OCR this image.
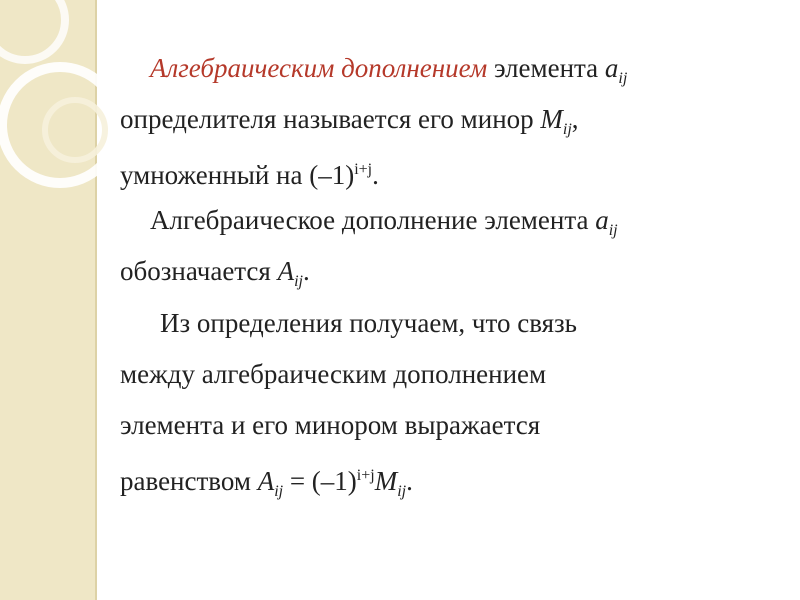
Алгебраическим дополнением элемента $a_{ij}$
определителя называется его минор $M_{ij}$,
умноженный на $(-1)^{i+j}$.
Алгебраическое дополнение элемента $a_{ij}$
обозначается $A_{ij}$.
Из определения получаем, что связь
между алгебраическим дополнением
элемента и его минором выражается
равенством $A_{ij} = (-1)^{i+j}M_{ij}$.
